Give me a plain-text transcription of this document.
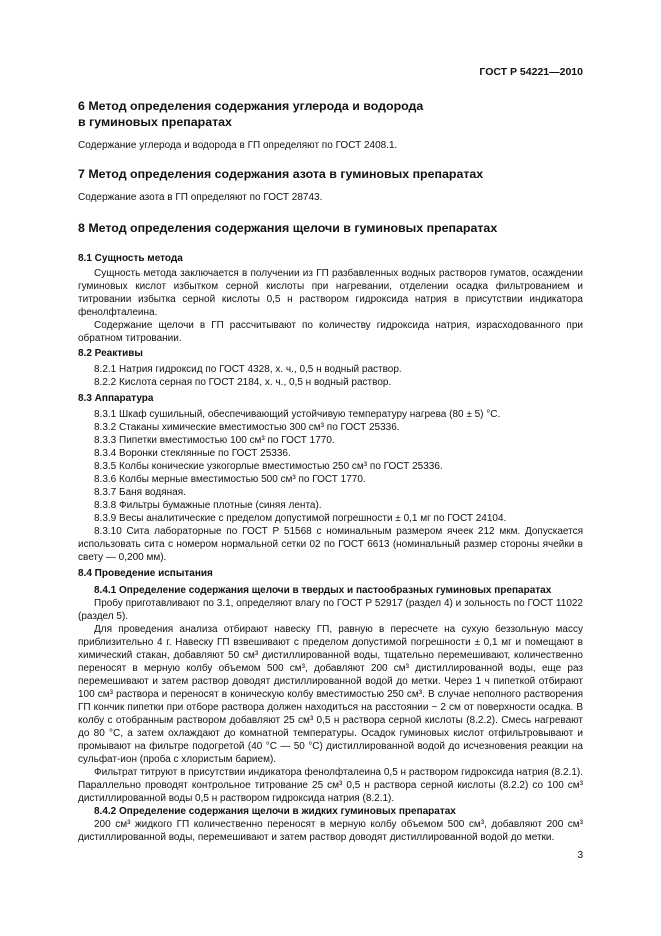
ГОСТ Р 54221—2010
6 Метод определения содержания углерода и водорода
в гуминовых препаратах

Содержание углерода и водорода в ГП определяют по ГОСТ 2408.1.

7 Метод определения содержания азота в гуминовых препаратах

Содержание азота в ГП определяют по ГОСТ 28743.

8 Метод определения содержания щелочи в гуминовых препаратах

8.1 Сущность метода

Сущность метода заключается в получении из ГП разбавленных водных растворов гуматов, осаждении гуминовых кислот избытком серной кислоты при нагревании, отделении осадка фильтрованием и титровании избытка серной кислоты 0,5 н раствором гидроксида натрия в присутствии индикатора фенолфталеина.

Содержание щелочи в ГП рассчитывают по количеству гидроксида натрия, израсходованного при обратном титровании.

8.2 Реактивы

8.2.1 Натрия гидроксид по ГОСТ 4328, х. ч., 0,5 н водный раствор.

8.2.2 Кислота серная по ГОСТ 2184, х. ч., 0,5 н водный раствор.

8.3 Аппаратура

8.3.1 Шкаф сушильный, обеспечивающий устойчивую температуру нагрева (80 ± 5) °С.

8.3.2 Стаканы химические вместимостью 300 см³ по ГОСТ 25336.

8.3.3 Пипетки вместимостью 100 см³ по ГОСТ 1770.

8.3.4 Воронки стеклянные по ГОСТ 25336.

8.3.5 Колбы конические узкогорлые вместимостью 250 см³ по ГОСТ 25336.

8.3.6 Колбы мерные вместимостью 500 см³ по ГОСТ 1770.

8.3.7 Баня водяная.

8.3.8 Фильтры бумажные плотные (синяя лента).

8.3.9 Весы аналитические с пределом допустимой погрешности ± 0,1 мг по ГОСТ 24104.

8.3.10 Сита лабораторные по ГОСТ Р 51568 с номинальным размером ячеек 212 мкм. Допускается использовать сита с номером нормальной сетки 02 по ГОСТ 6613 (номинальный размер стороны ячейки в свету — 0,200 мм).

8.4 Проведение испытания

8.4.1 Определение содержания щелочи в твердых и пастообразных гуминовых препаратах

Пробу приготавливают по 3.1, определяют влагу по ГОСТ Р 52917 (раздел 4) и зольность по ГОСТ 11022 (раздел 5).

Для проведения анализа отбирают навеску ГП, равную в пересчете на сухую беззольную массу приблизительно 4 г. Навеску ГП взвешивают с пределом допустимой погрешности ± 0,1 мг и помещают в химический стакан, добавляют 50 см³ дистиллированной воды, тщательно перемешивают, количественно переносят в мерную колбу объемом 500 см³, добавляют 200 см³ дистиллированной воды, еще раз перемешивают и затем раствор доводят дистиллированной водой до метки. Через 1 ч пипеткой отбирают 100 см³ раствора и переносят в коническую колбу вместимостью 250 см³. В случае неполного растворения ГП кончик пипетки при отборе раствора должен находиться на расстоянии ~ 2 см от поверхности осадка. В колбу с отобранным раствором добавляют 25 см³ 0,5 н раствора серной кислоты (8.2.2). Смесь нагревают до 80 °С, а затем охлаждают до комнатной температуры. Осадок гуминовых кислот отфильтровывают и промывают на фильтре подогретой (40 °С — 50 °С) дистиллированной водой до исчезновения реакции на сульфат-ион (проба с хлористым барием).

Фильтрат титруют в присутствии индикатора фенолфталеина 0,5 н раствором гидроксида натрия (8.2.1). Параллельно проводят контрольное титрование 25 см³ 0,5 н раствора серной кислоты (8.2.2) со 100 см³ дистиллированной воды 0,5 н раствором гидроксида натрия (8.2.1).

8.4.2 Определение содержания щелочи в жидких гуминовых препаратах

200 см³ жидкого ГП количественно переносят в мерную колбу объемом 500 см³, добавляют 200 см³ дистиллированной воды, перемешивают и затем раствор доводят дистиллированной водой до метки.

3
